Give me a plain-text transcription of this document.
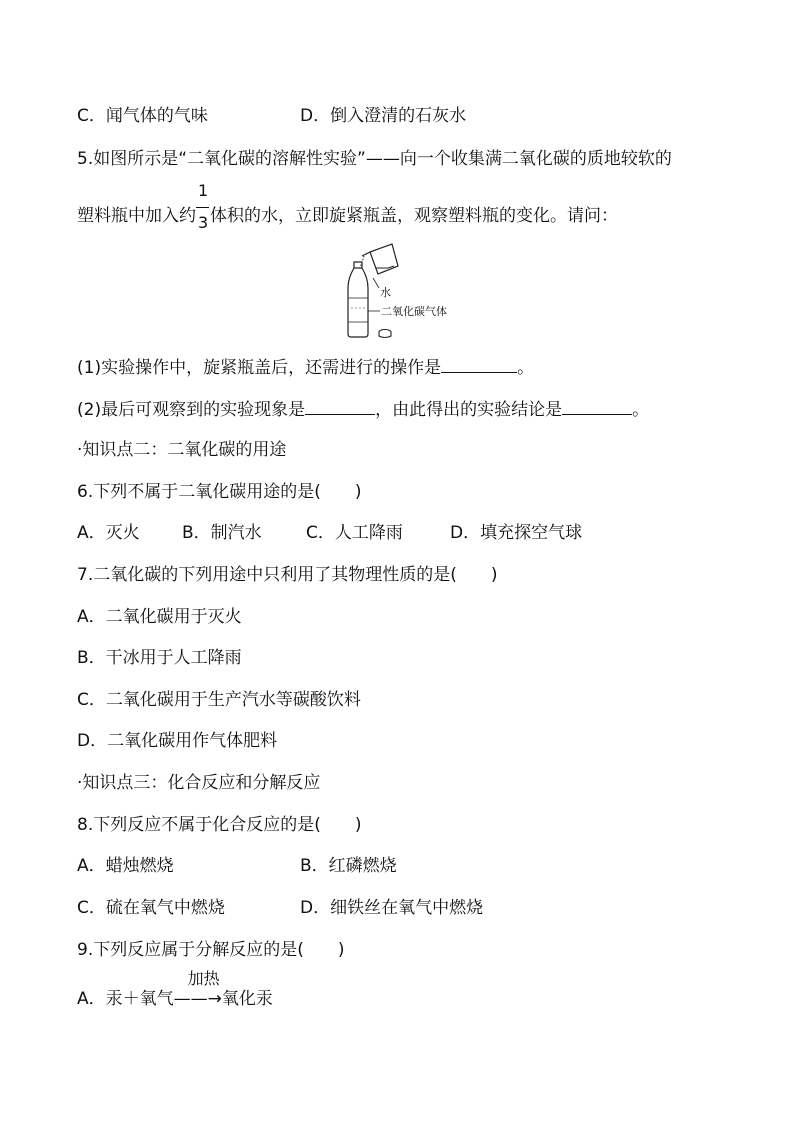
C．闻气体的气味	D．倒入澄清的石灰水
5.如图所示是“二氧化碳的溶解性实验”——向一个收集满二氧化碳的质地较软的
塑料瓶中加入约 $\frac{1}{3}$ 体积的水，立即旋紧瓶盖，观察塑料瓶的变化。请问：
水
二氧化碳气体
(1)实验操作中，旋紧瓶盖后，还需进行的操作是	。
(2)最后可观察到的实验现象是	，由此得出的实验结论是	。
·知识点二：二氧化碳的用途
6.下列不属于二氧化碳用途的是(　　)
A．灭火 B．制汽水	C．人工降雨	D．填充探空气球
7.二氧化碳的下列用途中只利用了其物理性质的是(　　)
A．二氧化碳用于灭火
B．干冰用于人工降雨
C．二氧化碳用于生产汽水等碳酸饮料
D．二氧化碳用作气体肥料
·知识点三：化合反应和分解反应
8.下列反应不属于化合反应的是(　　)
A．蜡烛燃烧	B．红磷燃烧
C．硫在氧气中燃烧	D．细铁丝在氧气中燃烧
9.下列反应属于分解反应的是(　　)
A．汞＋氧气
加热
——→氧化汞
